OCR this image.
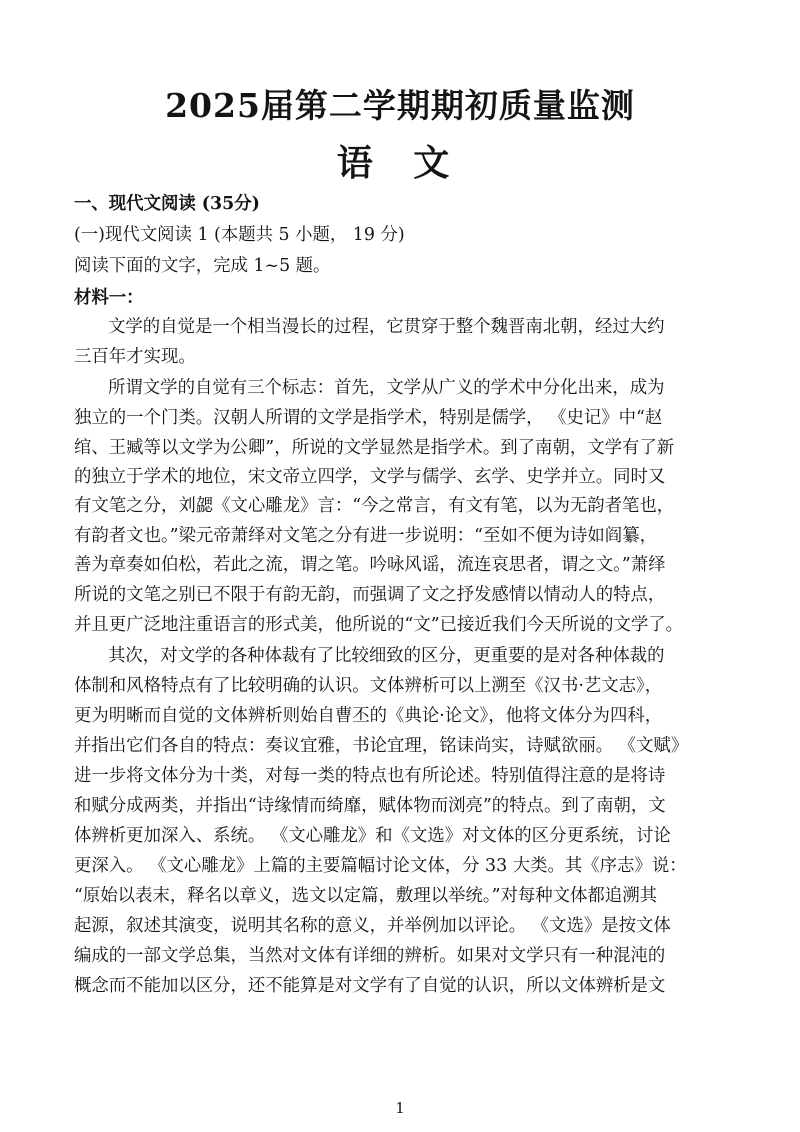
2025届第二学期期初质量监测
语 文
一、现代文阅读 (35分)
(一)现代文阅读 1 (本题共 5 小题， 19 分)
阅读下面的文字，完成 1~5 题。
材料一：
文学的自觉是一个相当漫长的过程，它贯穿于整个魏晋南北朝，经过大约
三百年才实现。
所谓文学的自觉有三个标志：首先，文学从广义的学术中分化出来，成为
独立的一个门类。汉朝人所谓的文学是指学术，特别是儒学， 《史记》中“赵
绾、王臧等以文学为公卿”，所说的文学显然是指学术。到了南朝，文学有了新
的独立于学术的地位，宋文帝立四学，文学与儒学、玄学、史学并立。同时又
有文笔之分，刘勰《文心雕龙》言：“今之常言，有文有笔，以为无韵者笔也，
有韵者文也。”梁元帝萧绎对文笔之分有进一步说明：“至如不便为诗如阎纂，
善为章奏如伯松，若此之流，谓之笔。吟咏风谣，流连哀思者，谓之文。”萧绎
所说的文笔之别已不限于有韵无韵，而强调了文之抒发感情以情动人的特点，
并且更广泛地注重语言的形式美，他所说的“文”已接近我们今天所说的文学了。
其次，对文学的各种体裁有了比较细致的区分，更重要的是对各种体裁的
体制和风格特点有了比较明确的认识。文体辨析可以上溯至《汉书·艺文志》，
更为明晰而自觉的文体辨析则始自曹丕的《典论·论文》，他将文体分为四科，
并指出它们各自的特点：奏议宜雅，书论宜理，铭诔尚实，诗赋欲丽。 《文赋》
进一步将文体分为十类，对每一类的特点也有所论述。特别值得注意的是将诗
和赋分成两类，并指出“诗缘情而绮靡，赋体物而浏亮”的特点。到了南朝，文
体辨析更加深入、系统。 《文心雕龙》和《文选》对文体的区分更系统，讨论
更深入。 《文心雕龙》上篇的主要篇幅讨论文体，分 33 大类。其《序志》说：
“原始以表末，释名以章义，选文以定篇，敷理以举统。”对每种文体都追溯其
起源，叙述其演变，说明其名称的意义，并举例加以评论。 《文选》是按文体
编成的一部文学总集，当然对文体有详细的辨析。如果对文学只有一种混沌的
概念而不能加以区分，还不能算是对文学有了自觉的认识，所以文体辨析是文
1
